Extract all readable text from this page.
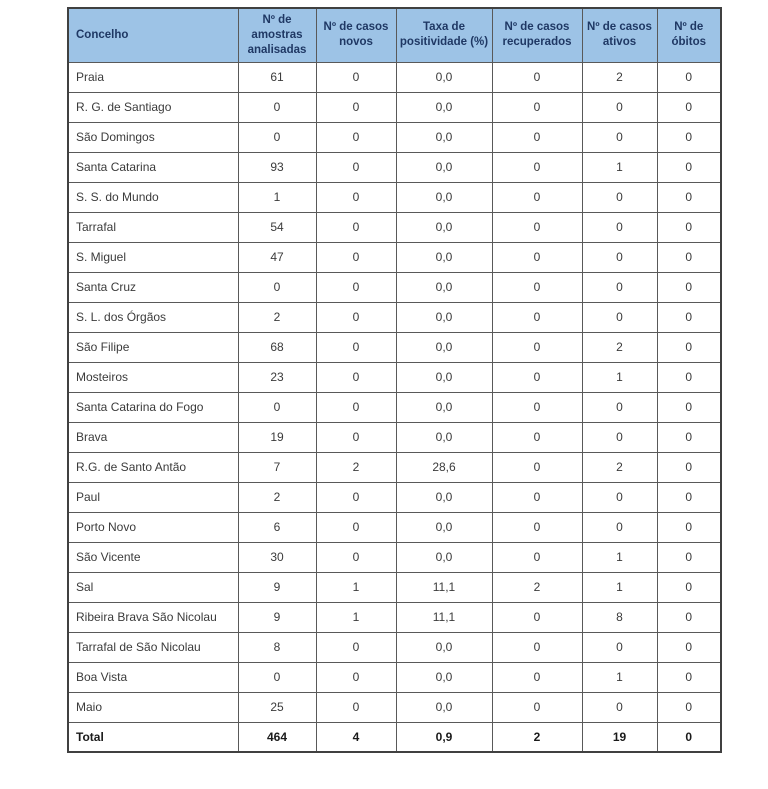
Concelho	Nº de amostras analisadas	Nº de casos novos	Taxa de positividade (%)	Nº de casos recuperados	Nº de casos ativos	Nº de óbitos
Praia	61	0	0,0	0	2	0
R. G. de Santiago	0	0	0,0	0	0	0
São Domingos	0	0	0,0	0	0	0
Santa Catarina	93	0	0,0	0	1	0
S. S. do Mundo	1	0	0,0	0	0	0
Tarrafal	54	0	0,0	0	0	0
S. Miguel	47	0	0,0	0	0	0
Santa Cruz	0	0	0,0	0	0	0
S. L. dos Órgãos	2	0	0,0	0	0	0
São Filipe	68	0	0,0	0	2	0
Mosteiros	23	0	0,0	0	1	0
Santa Catarina do Fogo	0	0	0,0	0	0	0
Brava	19	0	0,0	0	0	0
R.G. de Santo Antão	7	2	28,6	0	2	0
Paul	2	0	0,0	0	0	0
Porto Novo	6	0	0,0	0	0	0
São Vicente	30	0	0,0	0	1	0
Sal	9	1	11,1	2	1	0
Ribeira Brava São Nicolau	9	1	11,1	0	8	0
Tarrafal de São Nicolau	8	0	0,0	0	0	0
Boa Vista	0	0	0,0	0	1	0
Maio	25	0	0,0	0	0	0
Total	464	4	0,9	2	19	0
